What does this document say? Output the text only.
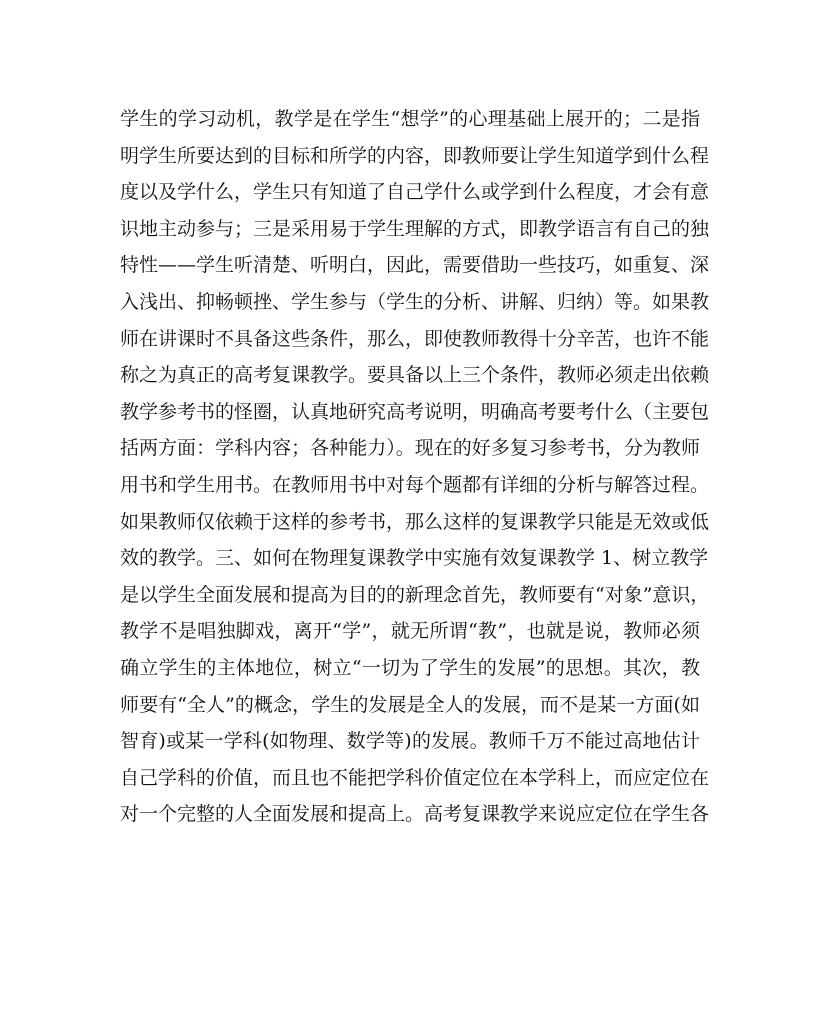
学生的学习动机，教学是在学生“想学”的心理基础上展开的；二是指
明学生所要达到的目标和所学的内容，即教师要让学生知道学到什么程
度以及学什么，学生只有知道了自己学什么或学到什么程度，才会有意
识地主动参与；三是采用易于学生理解的方式，即教学语言有自己的独
特性——学生听清楚、听明白，因此，需要借助一些技巧，如重复、深
入浅出、抑畅顿挫、学生参与（学生的分析、讲解、归纳）等。如果教
师在讲课时不具备这些条件，那么，即使教师教得十分辛苦，也许不能
称之为真正的高考复课教学。要具备以上三个条件，教师必须走出依赖
教学参考书的怪圈，认真地研究高考说明，明确高考要考什么（主要包
括两方面：学科内容；各种能力）。现在的好多复习参考书，分为教师
用书和学生用书。在教师用书中对每个题都有详细的分析与解答过程。
如果教师仅依赖于这样的参考书，那么这样的复课教学只能是无效或低
效的教学。三、如何在物理复课教学中实施有效复课教学 1、树立教学
是以学生全面发展和提高为目的的新理念首先，教师要有“对象”意识，
教学不是唱独脚戏，离开“学”，就无所谓“教”，也就是说，教师必须
确立学生的主体地位，树立“一切为了学生的发展”的思想。其次，教
师要有“全人”的概念，学生的发展是全人的发展，而不是某一方面(如
智育)或某一学科(如物理、数学等)的发展。教师千万不能过高地估计
自己学科的价值，而且也不能把学科价值定位在本学科上，而应定位在
对一个完整的人全面发展和提高上。高考复课教学来说应定位在学生各
